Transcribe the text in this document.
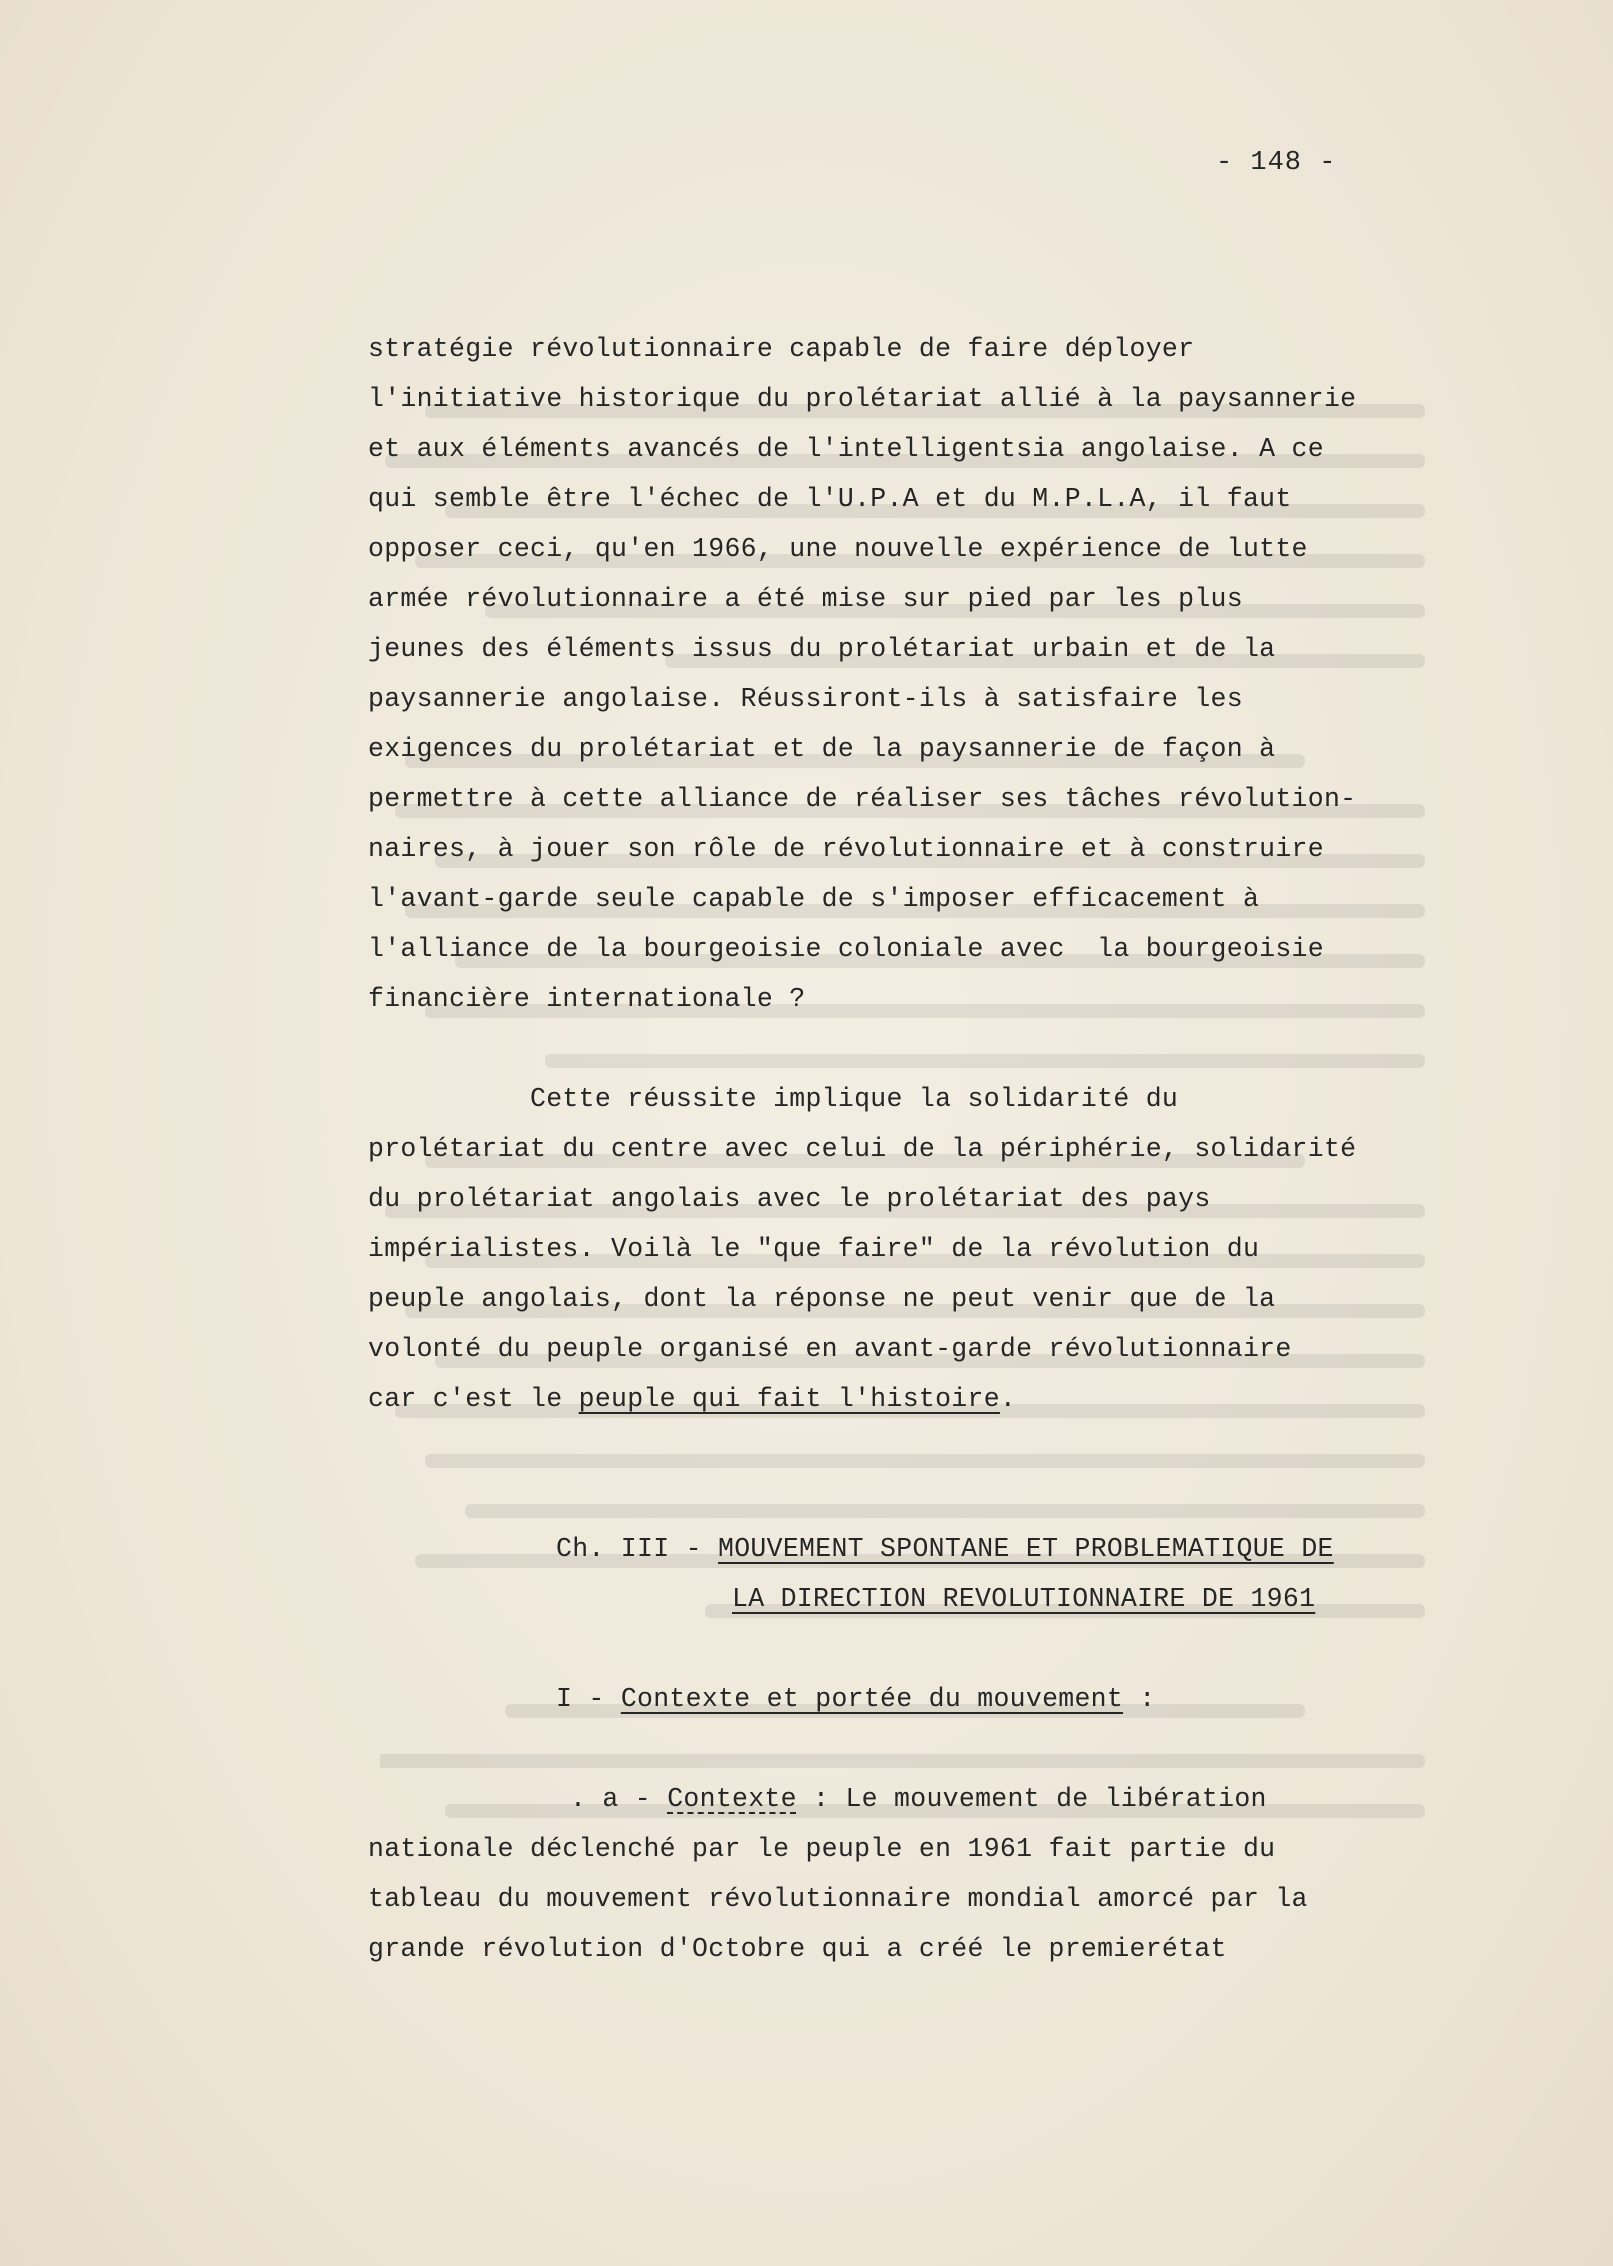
- 148 -
stratégie révolutionnaire capable de faire déployer
l'initiative historique du prolétariat allié à la paysannerie
et aux éléments avancés de l'intelligentsia angolaise. A ce
qui semble être l'échec de l'U.P.A et du M.P.L.A, il faut
opposer ceci, qu'en 1966, une nouvelle expérience de lutte
armée révolutionnaire a été mise sur pied par les plus
jeunes des éléments issus du prolétariat urbain et de la
paysannerie angolaise. Réussiront-ils à satisfaire les
exigences du prolétariat et de la paysannerie de façon à
permettre à cette alliance de réaliser ses tâches révolution-
naires, à jouer son rôle de révolutionnaire et à construire
l'avant-garde seule capable de s'imposer efficacement à
l'alliance de la bourgeoisie coloniale avec  la bourgeoisie
financière internationale ?
Cette réussite implique la solidarité du
prolétariat du centre avec celui de la périphérie, solidarité
du prolétariat angolais avec le prolétariat des pays
impérialistes. Voilà le "que faire" de la révolution du
peuple angolais, dont la réponse ne peut venir que de la
volonté du peuple organisé en avant-garde révolutionnaire
car c'est le peuple qui fait l'histoire.
Ch. III - MOUVEMENT SPONTANE ET PROBLEMATIQUE DE
LA DIRECTION REVOLUTIONNAIRE DE 1961
I - Contexte et portée du mouvement :
. a - Contexte : Le mouvement de libération
nationale déclenché par le peuple en 1961 fait partie du
tableau du mouvement révolutionnaire mondial amorcé par la
grande révolution d'Octobre qui a créé le premierétat
